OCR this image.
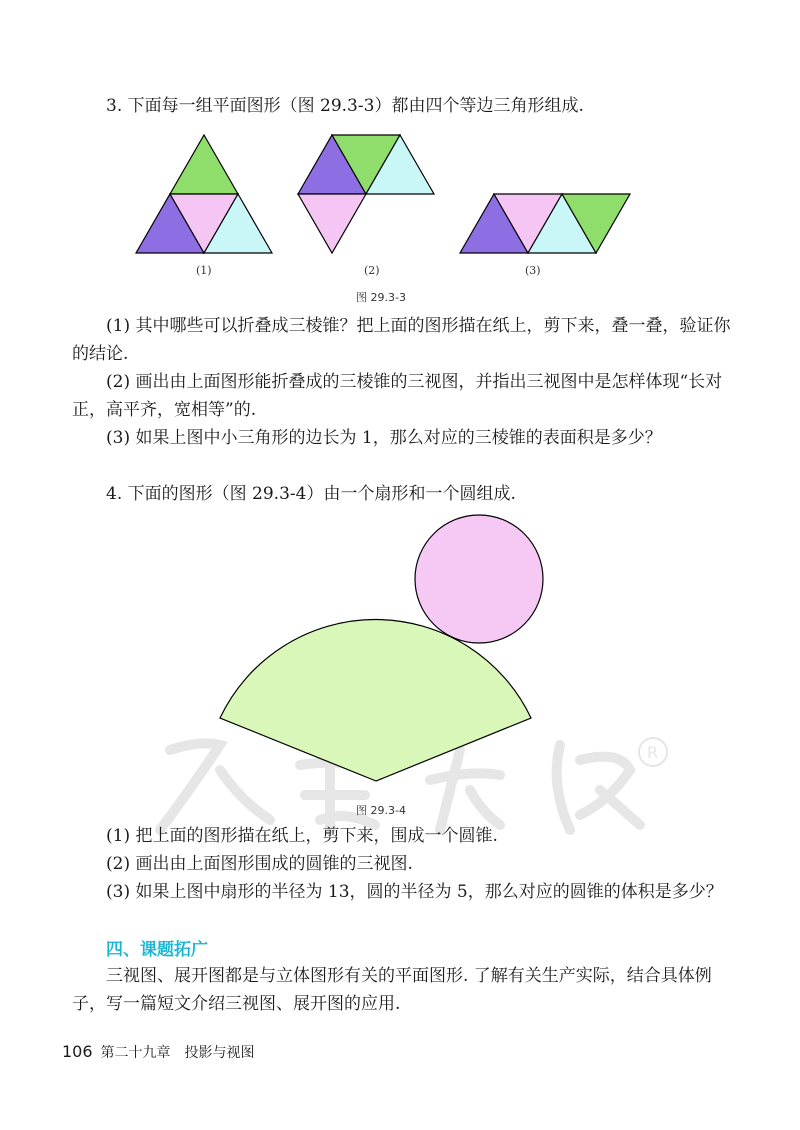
3. 下面每一组平面图形（图 29.3-3）都由四个等边三角形组成.

(1)	(2)	(3)
图 29.3-3

(1) 其中哪些可以折叠成三棱锥？把上面的图形描在纸上，剪下来，叠一叠，验证你的结论.

(2) 画出由上面图形能折叠成的三棱锥的三视图，并指出三视图中是怎样体现“长对正，高平齐，宽相等”的.

(3) 如果上图中小三角形的边长为 1，那么对应的三棱锥的表面积是多少？

4. 下面的图形（图 29.3-4）由一个扇形和一个圆组成.

R
图 29.3-4

(1) 把上面的图形描在纸上，剪下来，围成一个圆锥.

(2) 画出由上面图形围成的圆锥的三视图.

(3) 如果上图中扇形的半径为 13，圆的半径为 5，那么对应的圆锥的体积是多少？

四、课题拓广

三视图、展开图都是与立体图形有关的平面图形. 了解有关生产实际，结合具体例子，写一篇短文介绍三视图、展开图的应用.

106 第二十九章　投影与视图
